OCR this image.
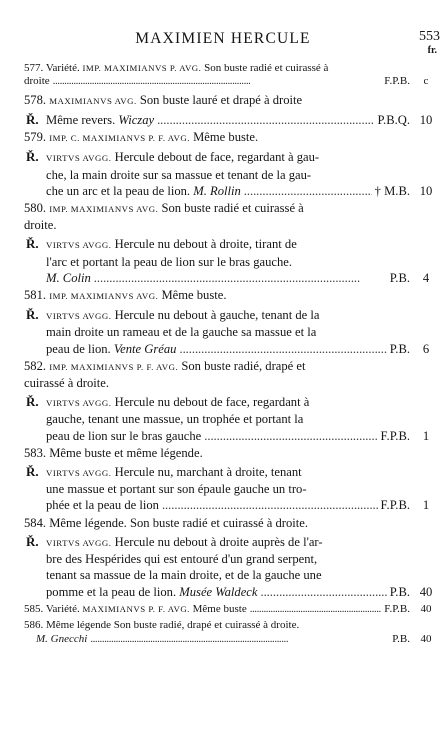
MAXIMIEN HERCULE	553
fr.
577. Variété. IMP. MAXIMIANVS P. AVG. Son buste radié et cuirassé à
droite . . .	F.P.B.	c
578. MAXIMIANVS AVG. Son buste lauré et drapé à droite
Ř. Même revers. Wiczay . . .	P.B.Q. 10
579. IMP. C. MAXIMIANVS P. F. AVG. Même buste.
Ř. VIRTVS AVGG. Hercule debout de face, regardant à gau-
che, la main droite sur sa massue et tenant de la gau-
che un arc et la peau de lion. M. Rollin . . .	† M.B. 10
580. IMP. MAXIMIANVS AVG. Son buste radié et cuirassé à
droite.
Ř. VIRTVS AVGG. Hercule nu debout à droite, tirant de
l'arc et portant la peau de lion sur le bras gauche.
M. Colin . . .	P.B.	4
581. IMP. MAXIMIANVS AVG. Même buste.
Ř. VIRTVS AVGG. Hercule nu debout à gauche, tenant de la
main droite un rameau et de la gauche sa massue et la
peau de lion. Vente Gréau . . .	P.B.	6
582. IMP. MAXIMIANVS P. F. AVG. Son buste radié, drapé et
cuirassé à droite.
Ř. VIRTVS AVGG. Hercule nu debout de face, regardant à
gauche, tenant une massue, un trophée et portant la
peau de lion sur le bras gauche . . .	F.P.B.	1
583. Même buste et même légende.
Ř. VIRTVS AVGG. Hercule nu, marchant à droite, tenant
une massue et portant sur son épaule gauche un tro-
phée et la peau de lion . . .	F.P.B.	1
584. Même légende. Son buste radié et cuirassé à droite.
Ř. VIRTVS AVGG. Hercule nu debout à droite auprès de l'ar-
bre des Hespérides qui est entouré d'un grand serpent,
tenant sa massue de la main droite, et de la gauche une
pomme et la peau de lion. Musée Waldeck . . .	P.B. 40
585. Variété. MAXIMIANVS P. F. AVG. Même buste . . .	F.P.B. 40
586. Même légende Son buste radié, drapé et cuirassé à droite.
M. Gnecchi . . .	P.B. 40
